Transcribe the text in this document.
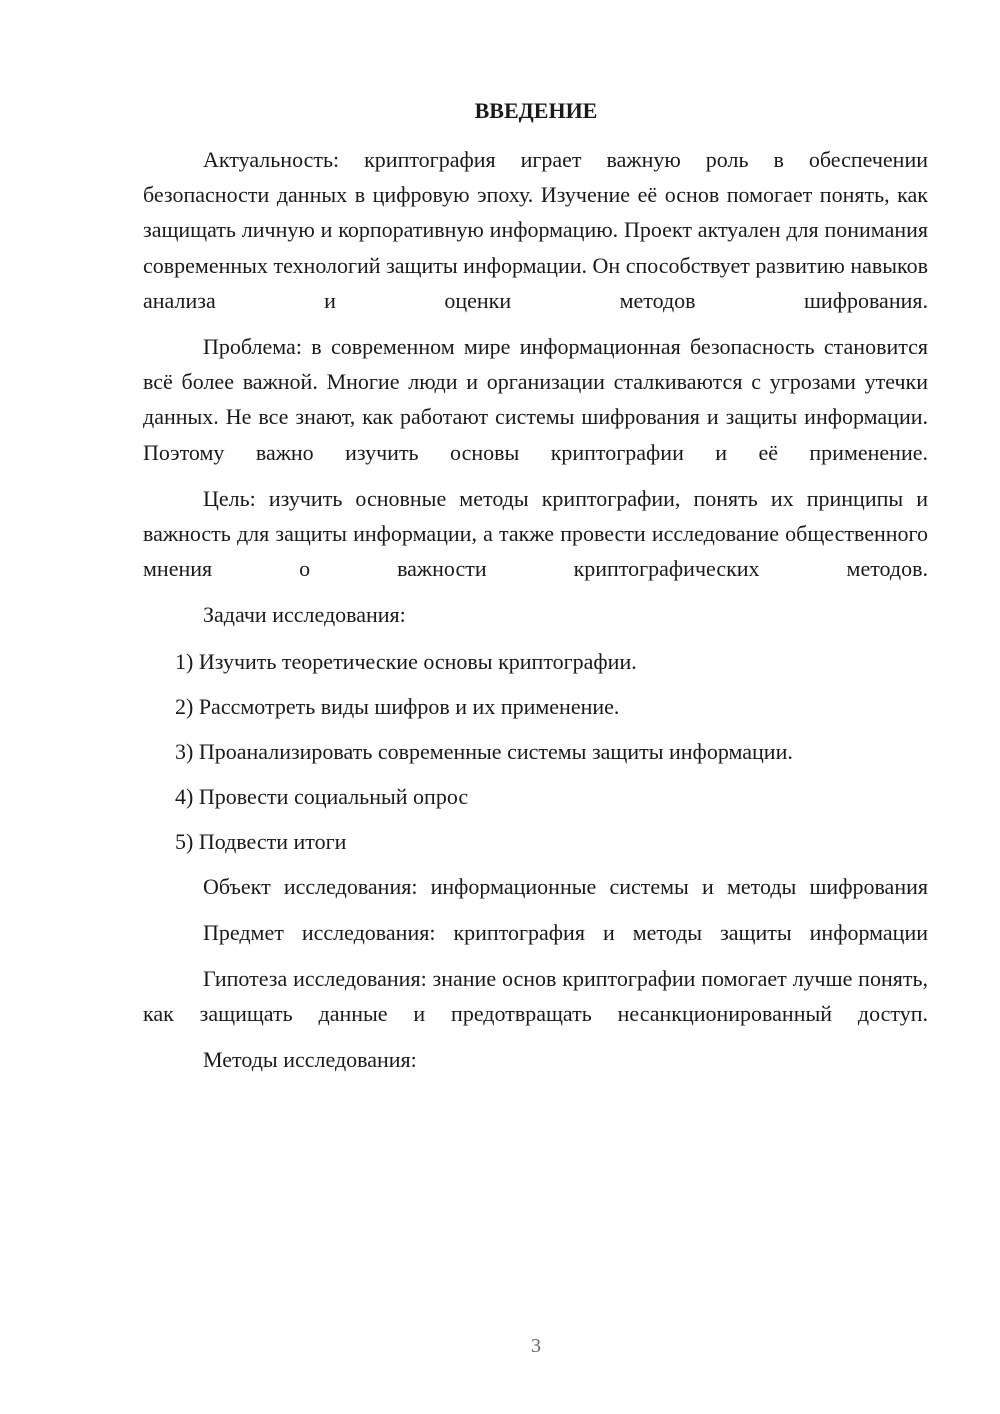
ВВЕДЕНИЕ

Актуальность: криптография играет важную роль в обеспечении безопасности данных в цифровую эпоху. Изучение её основ помогает понять, как защищать личную и корпоративную информацию. Проект актуален для понимания современных технологий защиты информации. Он способствует развитию навыков анализа и оценки методов шифрования.

Проблема: в современном мире информационная безопасность становится всё более важной. Многие люди и организации сталкиваются с угрозами утечки данных. Не все знают, как работают системы шифрования и защиты информации. Поэтому важно изучить основы криптографии и её применение.

Цель: изучить основные методы криптографии, понять их принципы и важность для защиты информации, а также провести исследование общественного мнения о важности криптографических методов.

Задачи исследования:

1) Изучить теоретические основы криптографии.
2) Рассмотреть виды шифров и их применение.
3) Проанализировать современные системы защиты информации.
4) Провести социальный опрос
5) Подвести итоги

Объект исследования: информационные системы и методы шифрования

Предмет исследования: криптография и методы защиты информации

Гипотеза исследования: знание основ криптографии помогает лучше понять, как защищать данные и предотвращать несанкционированный доступ.

Методы исследования:

3
